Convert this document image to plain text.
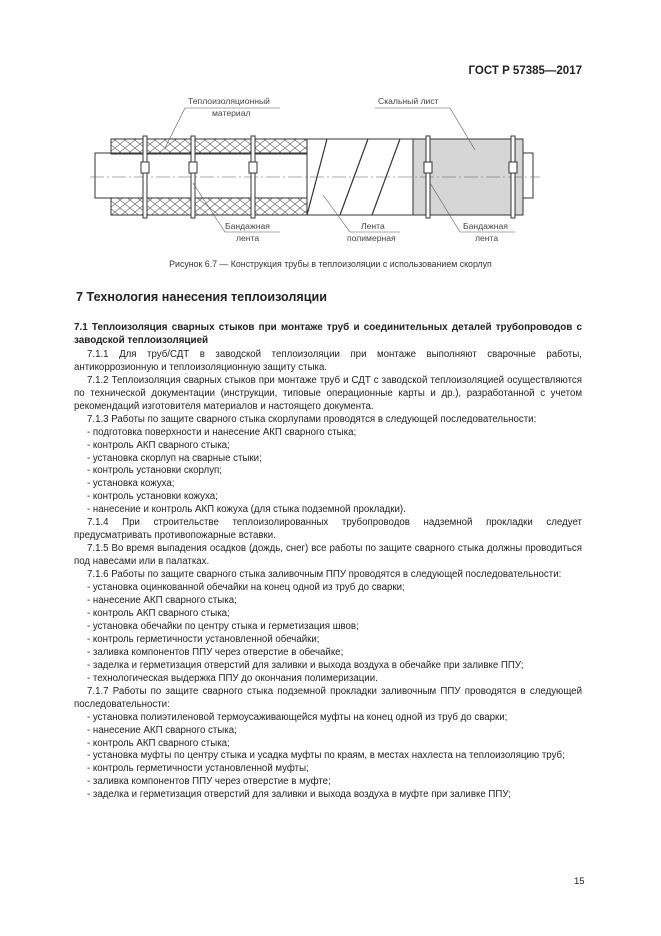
ГОСТ Р 57385—2017
Теплоизоляционный
материал
Скальный лист
Бандажная
лента
Лента
полимерная
Бандажная
лента
Рисунок 6.7 — Конструкция трубы в теплоизоляции с использованием скорлуп
7 Технология нанесения теплоизоляции
7.1 Теплоизоляция сварных стыков при монтаже труб и соединительных деталей трубопроводов с заводской теплоизоляцией

7.1.1 Для труб/СДТ в заводской теплоизоляции при монтаже выполняют сварочные работы, антикоррозионную и теплоизоляционную защиту стыка.

7.1.2 Теплоизоляция сварных стыков при монтаже труб и СДТ с заводской теплоизоляцией осуществляются по технической документации (инструкции, типовые операционные карты и др.), разработанной с учетом рекомендаций изготовителя материалов и настоящего документа.

7.1.3 Работы по защите сварного стыка скорлупами проводятся в следующей последовательности:

- подготовка поверхности и нанесение АКП сварного стыка;

- контроль АКП сварного стыка;

- установка скорлуп на сварные стыки;

- контроль установки скорлуп;

- установка кожуха;

- контроль установки кожуха;

- нанесение и контроль АКП кожуха (для стыка подземной прокладки).

7.1.4 При строительстве теплоизолированных трубопроводов надземной прокладки следует предусматривать противопожарные вставки.

7.1.5 Во время выпадения осадков (дождь, снег) все работы по защите сварного стыка должны проводиться под навесами или в палатках.

7.1.6 Работы по защите сварного стыка заливочным ППУ проводятся в следующей последовательности:

- установка оцинкованной обечайки на конец одной из труб до сварки;

- нанесение АКП сварного стыка;

- контроль АКП сварного стыка;

- установка обечайки по центру стыка и герметизация швов;

- контроль герметичности установленной обечайки;

- заливка компонентов ППУ через отверстие в обечайке;

- заделка и герметизация отверстий для заливки и выхода воздуха в обечайке при заливке ППУ;

- технологическая выдержка ППУ до окончания полимеризации.

7.1.7 Работы по защите сварного стыка подземной прокладки заливочным ППУ проводятся в следующей последовательности:

- установка полиэтиленовой термоусаживающейся муфты на конец одной из труб до сварки;

- нанесение АКП сварного стыка;

- контроль АКП сварного стыка;

- установка муфты по центру стыка и усадка муфты по краям, в местах нахлеста на теплоизоляцию труб;

- контроль герметичности установленной муфты;

- заливка компонентов ППУ через отверстие в муфте;

- заделка и герметизация отверстий для заливки и выхода воздуха в муфте при заливке ППУ;

15
